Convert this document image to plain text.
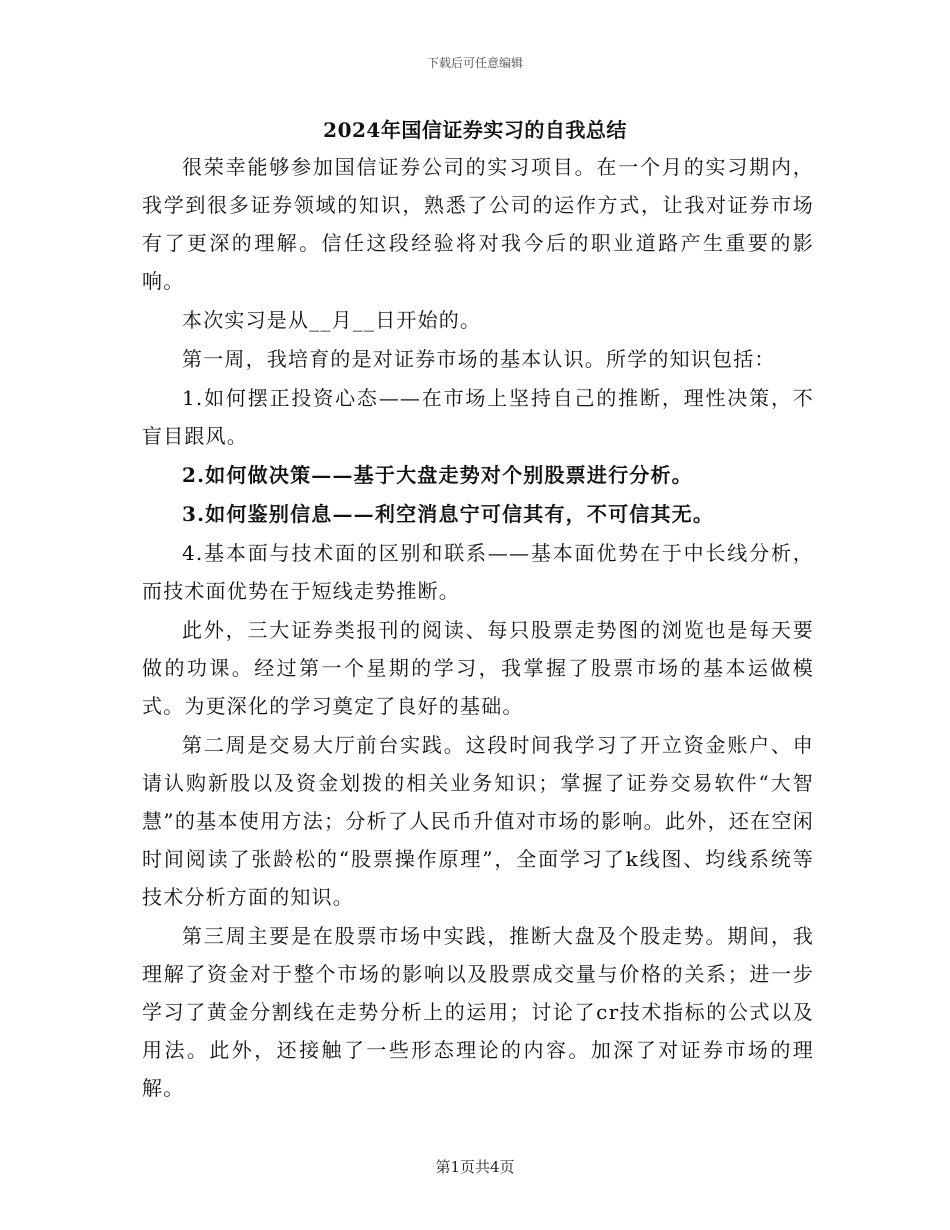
下载后可任意编辑
2024年国信证券实习的自我总结

很荣幸能够参加国信证券公司的实习项目。在一个月的实习期内，我学到很多证券领域的知识，熟悉了公司的运作方式，让我对证券市场有了更深的理解。信任这段经验将对我今后的职业道路产生重要的影响。

本次实习是从__月__日开始的。

第一周，我培育的是对证券市场的基本认识。所学的知识包括：

1.如何摆正投资心态——在市场上坚持自己的推断，理性决策，不盲目跟风。

2.如何做决策——基于大盘走势对个别股票进行分析。

3.如何鉴别信息——利空消息宁可信其有，不可信其无。

4.基本面与技术面的区别和联系——基本面优势在于中长线分析，而技术面优势在于短线走势推断。

此外，三大证券类报刊的阅读、每只股票走势图的浏览也是每天要做的功课。经过第一个星期的学习，我掌握了股票市场的基本运做模式。为更深化的学习奠定了良好的基础。

第二周是交易大厅前台实践。这段时间我学习了开立资金账户、申请认购新股以及资金划拨的相关业务知识；掌握了证券交易软件“大智慧”的基本使用方法；分析了人民币升值对市场的影响。此外，还在空闲时间阅读了张龄松的“股票操作原理”，全面学习了k线图、均线系统等技术分析方面的知识。

第三周主要是在股票市场中实践，推断大盘及个股走势。期间，我理解了资金对于整个市场的影响以及股票成交量与价格的关系；进一步学习了黄金分割线在走势分析上的运用；讨论了cr技术指标的公式以及用法。此外，还接触了一些形态理论的内容。加深了对证券市场的理解。

第1页共4页
